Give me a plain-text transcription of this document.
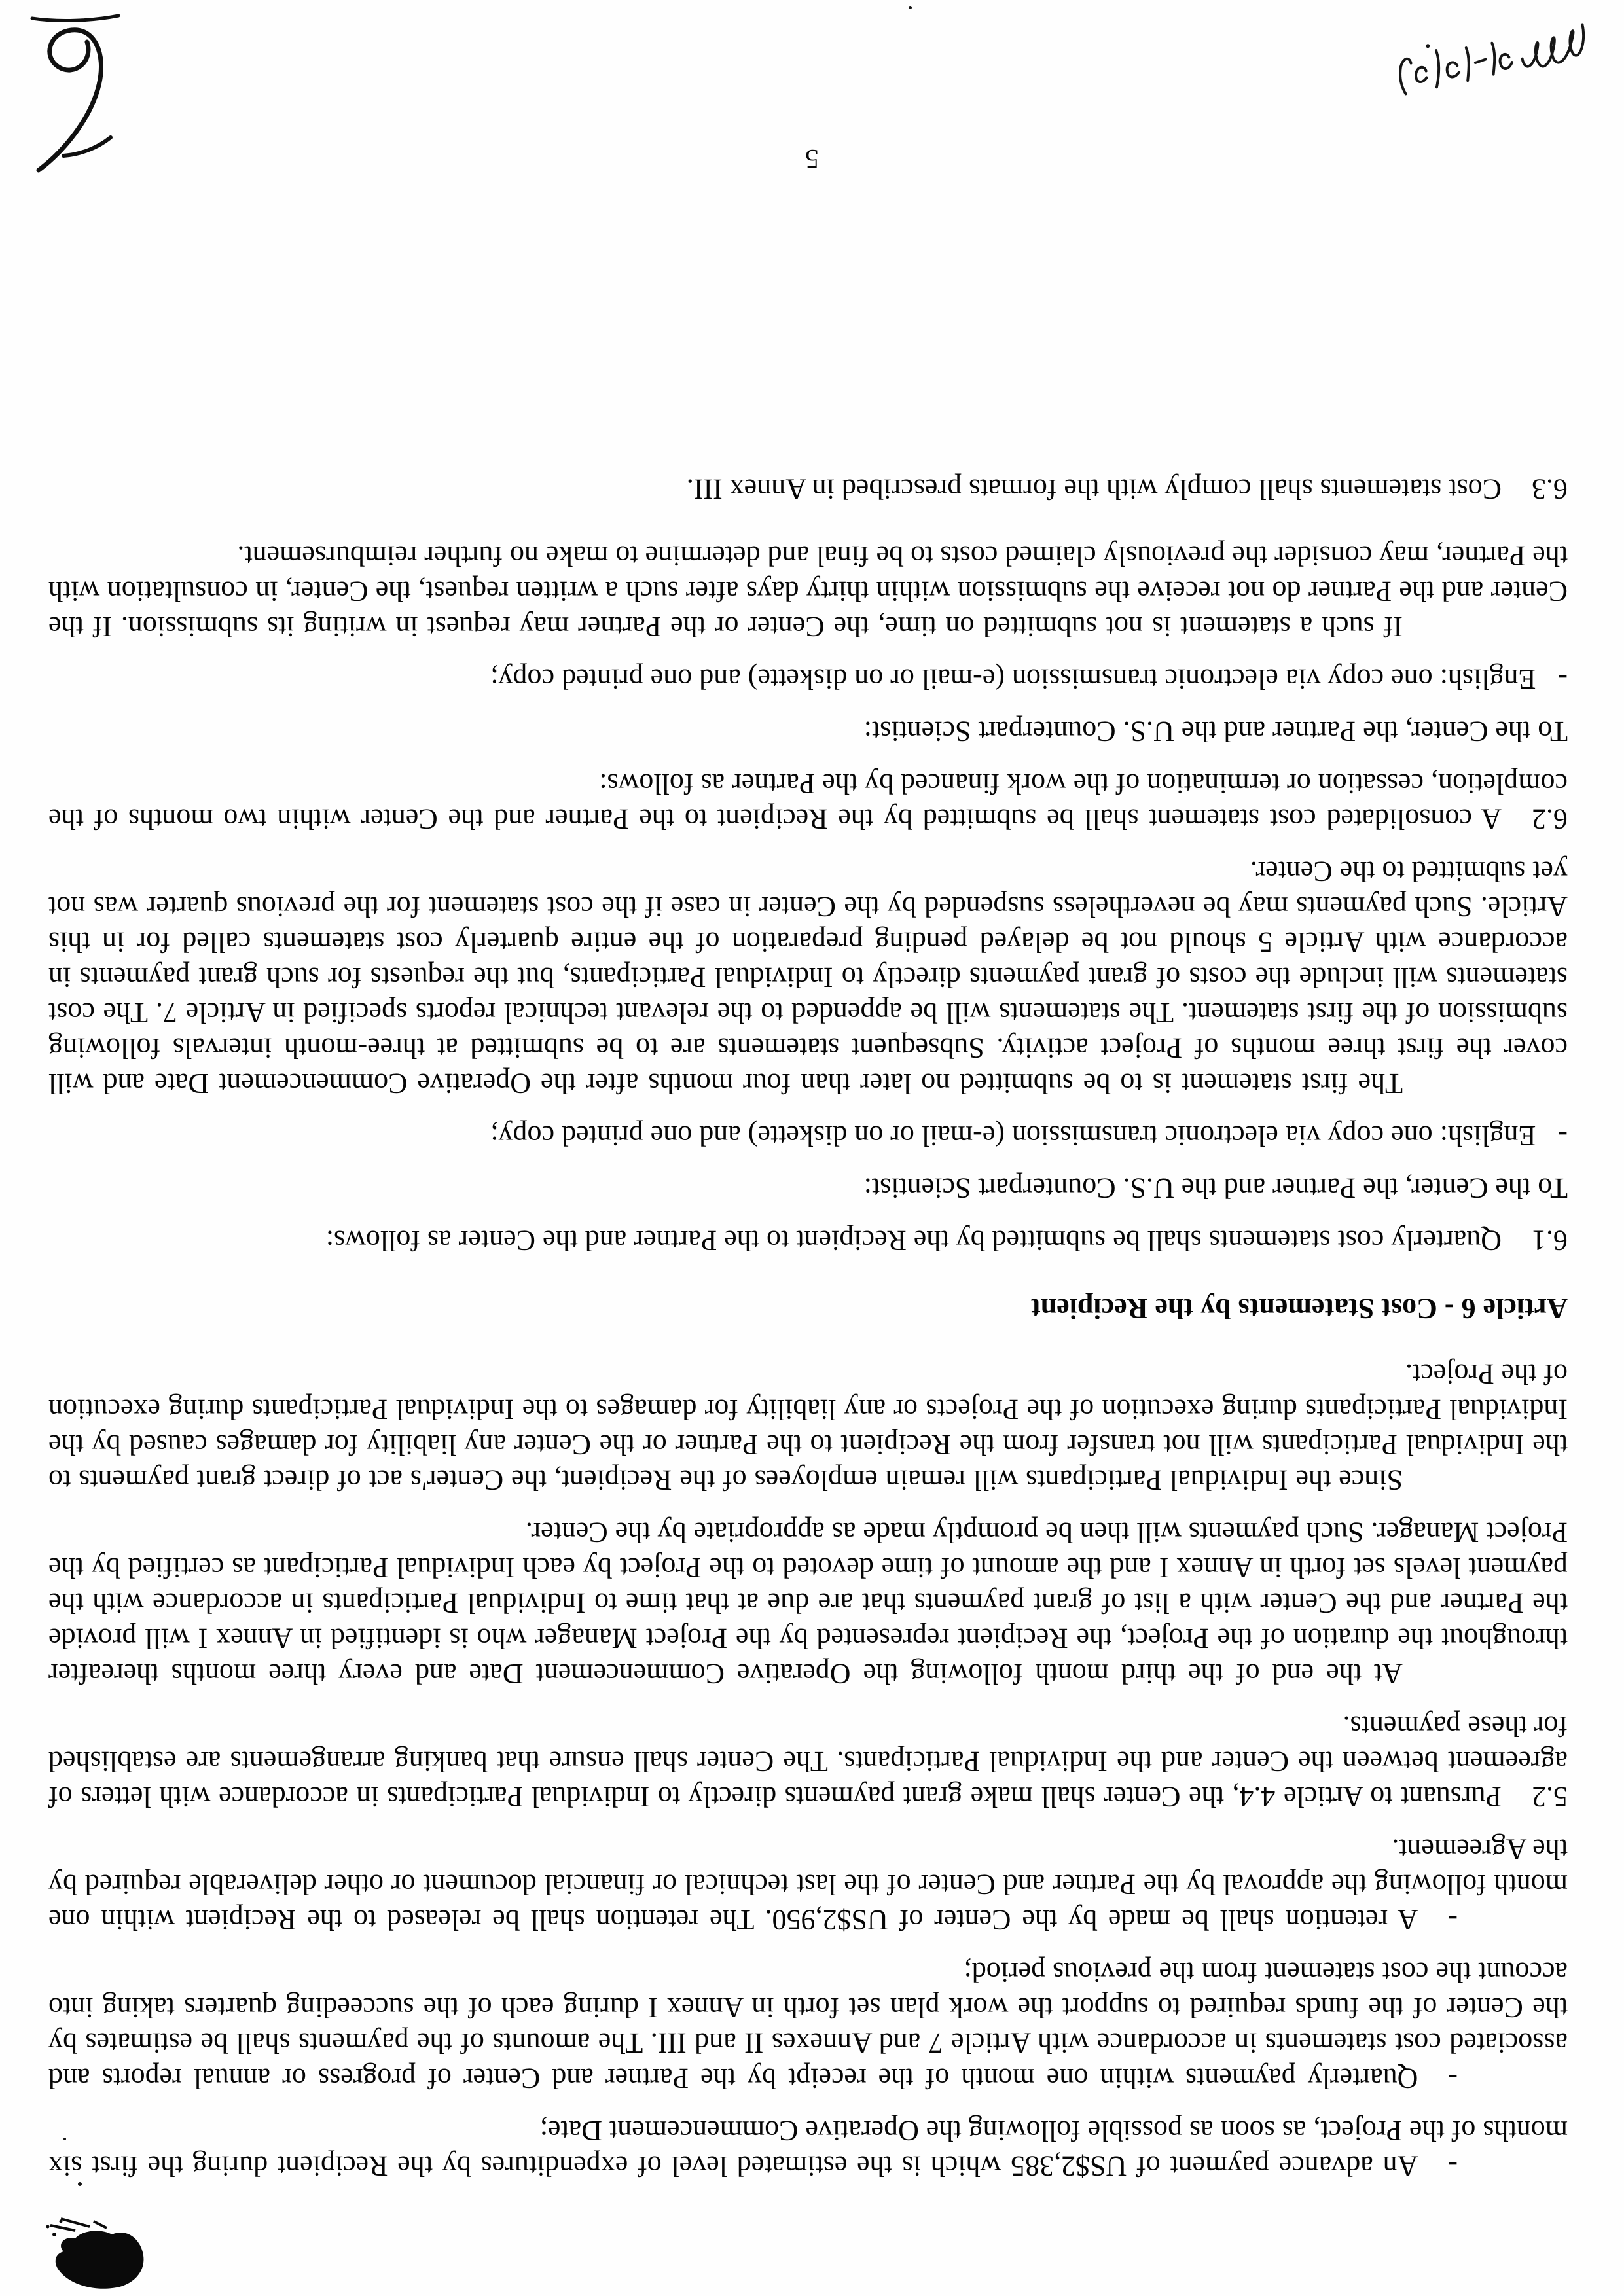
-An advance payment of US$2,385 which is the estimated level of expenditures by the Recipient during the first six months of the Project, as soon as possible following the Operative Commencement Date;

-Quarterly payments within one month of the receipt by the Partner and Center of progress or annual reports and associated cost statements in accordance with Article 7 and Annexes II and III. The amounts of the payments shall be estimates by the Center of the funds required to support the work plan set forth in Annex I during each of the succeeding quarters taking into account the cost statement from the previous period;

-A retention shall be made by the Center of US$2,950. The retention shall be released to the Recipient within one month following the approval by the Partner and Center of the last technical or financial document or other deliverable required by the Agreement.

5.2Pursuant to Article 4.4, the Center shall make grant payments directly to Individual Participants in accordance with letters of agreement between the Center and the Individual Participants. The Center shall ensure that banking arrangements are established for these payments.

At the end of the third month following the Operative Commencement Date and every three months thereafter throughout the duration of the Project, the Recipient represented by the Project Manager who is identified in Annex I will provide the Partner and the Center with a list of grant payments that are due at that time to Individual Participants in accordance with the payment levels set forth in Annex I and the amount of time devoted to the Project by each Individual Participant as certified by the Project Manager. Such payments will then be promptly made as appropriate by the Center.

Since the Individual Participants will remain employees of the Recipient, the Center's act of direct grant payments to the Individual Participants will not transfer from the Recipient to the Partner or the Center any liability for damages caused by the Individual Participants during execution of the Projects or any liability for damages to the Individual Participants during execution of the Project.

Article 6 - Cost Statements by the Recipient

6.1Quarterly cost statements shall be submitted by the Recipient to the Partner and the Center as follows:

To the Center, the Partner and the U.S. Counterpart Scientist:

-English: one copy via electronic transmission (e-mail or on diskette) and one printed copy;

The first statement is to be submitted no later than four months after the Operative Commencement Date and will cover the first three months of Project activity. Subsequent statements are to be submitted at three-month intervals following submission of the first statement. The statements will be appended to the relevant technical reports specified in Article 7. The cost statements will include the costs of grant payments directly to Individual Participants, but the requests for such grant payments in accordance with Article 5 should not be delayed pending preparation of the entire quarterly cost statements called for in this Article. Such payments may be nevertheless suspended by the Center in case if the cost statement for the previous quarter was not yet submitted to the Center.

6.2A consolidated cost statement shall be submitted by the Recipient to the Partner and the Center within two months of the completion, cessation or termination of the work financed by the Partner as follows:

To the Center, the Partner and the U.S. Counterpart Scientist:

-English: one copy via electronic transmission (e-mail or on diskette) and one printed copy;

If such a statement is not submitted on time, the Center or the Partner may request in writing its submission. If the Center and the Partner do not receive the submission within thirty days after such a written request, the Center, in consultation with the Partner, may consider the previously claimed costs to be final and determine to make no further reimbursement.

6.3Cost statements shall comply with the formats prescribed in Annex III.

5
